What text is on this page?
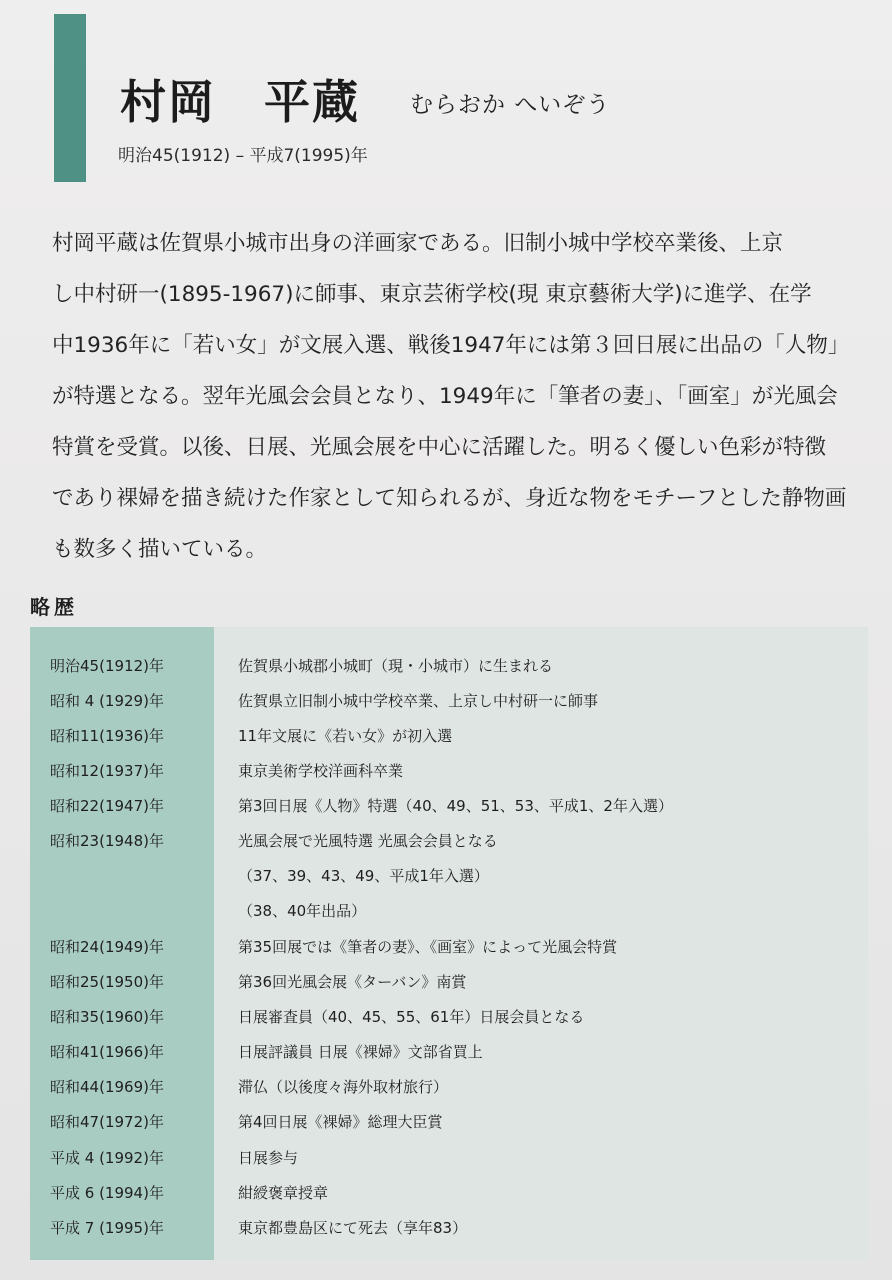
村岡　平蔵 むらおか へいぞう
明治45(1912) – 平成7(1995)年
村岡平蔵は佐賀県小城市出身の洋画家である。旧制小城中学校卒業後、上京
し中村研一(1895-1967)に師事、東京芸術学校(現 東京藝術大学)に進学、在学
中1936年に「若い女」が文展入選、戦後1947年には第３回日展に出品の「人物」
が特選となる。翌年光風会会員となり、1949年に「筆者の妻」、「画室」が光風会
特賞を受賞。以後、日展、光風会展を中心に活躍した。明るく優しい色彩が特徴
であり裸婦を描き続けた作家として知られるが、身近な物をモチーフとした静物画
も数多く描いている。
略歴
明治45(1912)年	佐賀県小城郡小城町（現・小城市）に生まれる
昭和 4 (1929)年	佐賀県立旧制小城中学校卒業、上京し中村研一に師事
昭和11(1936)年	11年文展に《若い女》が初入選
昭和12(1937)年	東京美術学校洋画科卒業
昭和22(1947)年	第3回日展《人物》特選（40、49、51、53、平成1、2年入選）
昭和23(1948)年	光風会展で光風特選 光風会会員となる
（37、39、43、49、平成1年入選）
（38、40年出品）
昭和24(1949)年	第35回展では《筆者の妻》、《画室》によって光風会特賞
昭和25(1950)年	第36回光風会展《ターバン》南賞
昭和35(1960)年	日展審査員（40、45、55、61年）日展会員となる
昭和41(1966)年	日展評議員 日展《裸婦》文部省買上
昭和44(1969)年	滞仏（以後度々海外取材旅行）
昭和47(1972)年	第4回日展《裸婦》総理大臣賞
平成 4 (1992)年	日展参与
平成 6 (1994)年	紺綬褒章授章
平成 7 (1995)年	東京都豊島区にて死去（享年83）
